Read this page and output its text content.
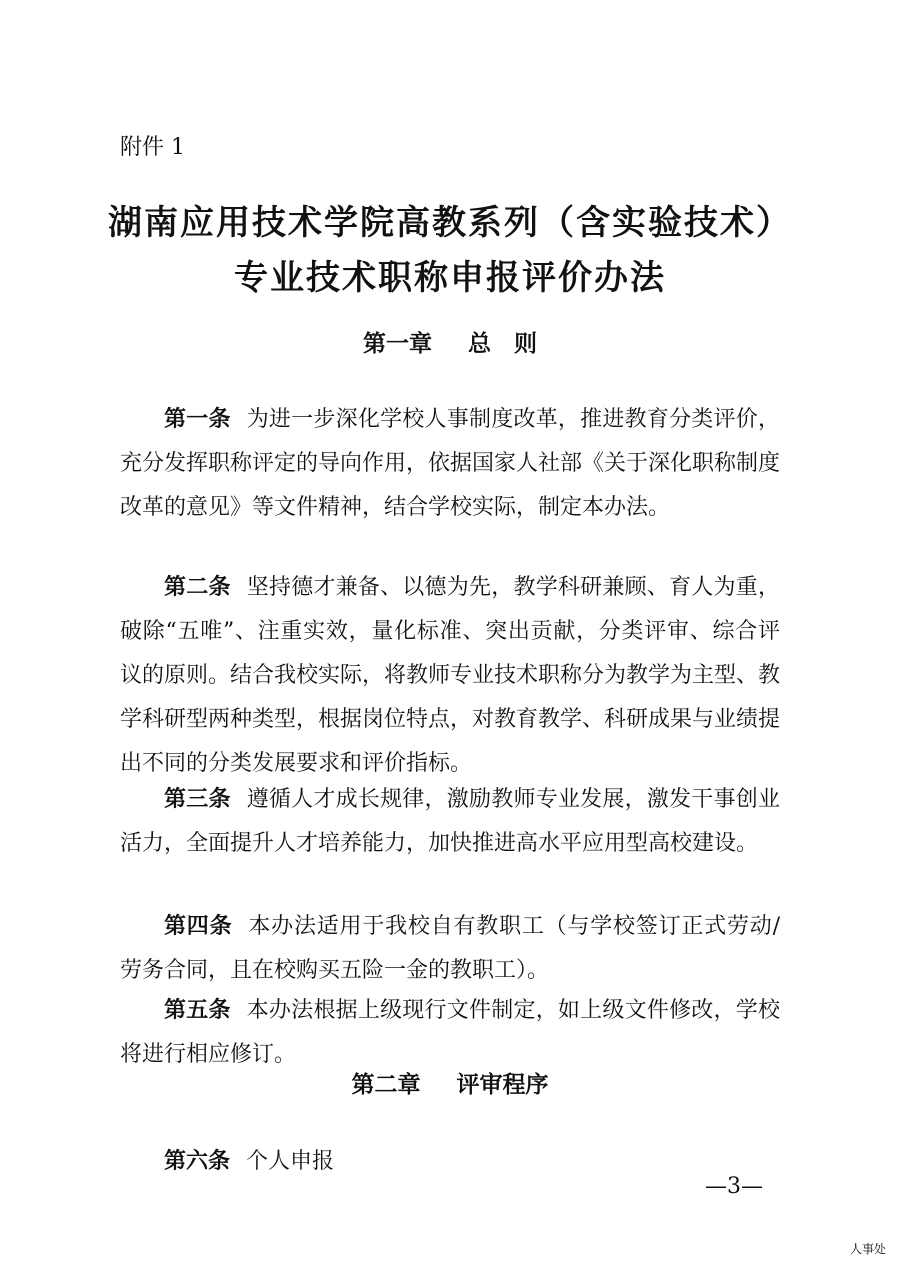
附件 1
湖南应用技术学院高教系列（含实验技术）
专业技术职称申报评价办法
第一章 总　则

第一条 为进一步深化学校人事制度改革，推进教育分类评价，充分发挥职称评定的导向作用，依据国家人社部《关于深化职称制度改革的意见》等文件精神，结合学校实际，制定本办法。

第二条 坚持德才兼备、以德为先，教学科研兼顾、育人为重，破除“五唯”、注重实效，量化标准、突出贡献，分类评审、综合评议的原则。结合我校实际，将教师专业技术职称分为教学为主型、教学科研型两种类型，根据岗位特点，对教育教学、科研成果与业绩提出不同的分类发展要求和评价指标。

第三条 遵循人才成长规律，激励教师专业发展，激发干事创业活力，全面提升人才培养能力，加快推进高水平应用型高校建设。

第四条 本办法适用于我校自有教职工（与学校签订正式劳动/劳务合同，且在校购买五险一金的教职工）。

第五条 本办法根据上级现行文件制定，如上级文件修改，学校将进行相应修订。

第二章 评审程序

第六条 个人申报

—3—
人事处
